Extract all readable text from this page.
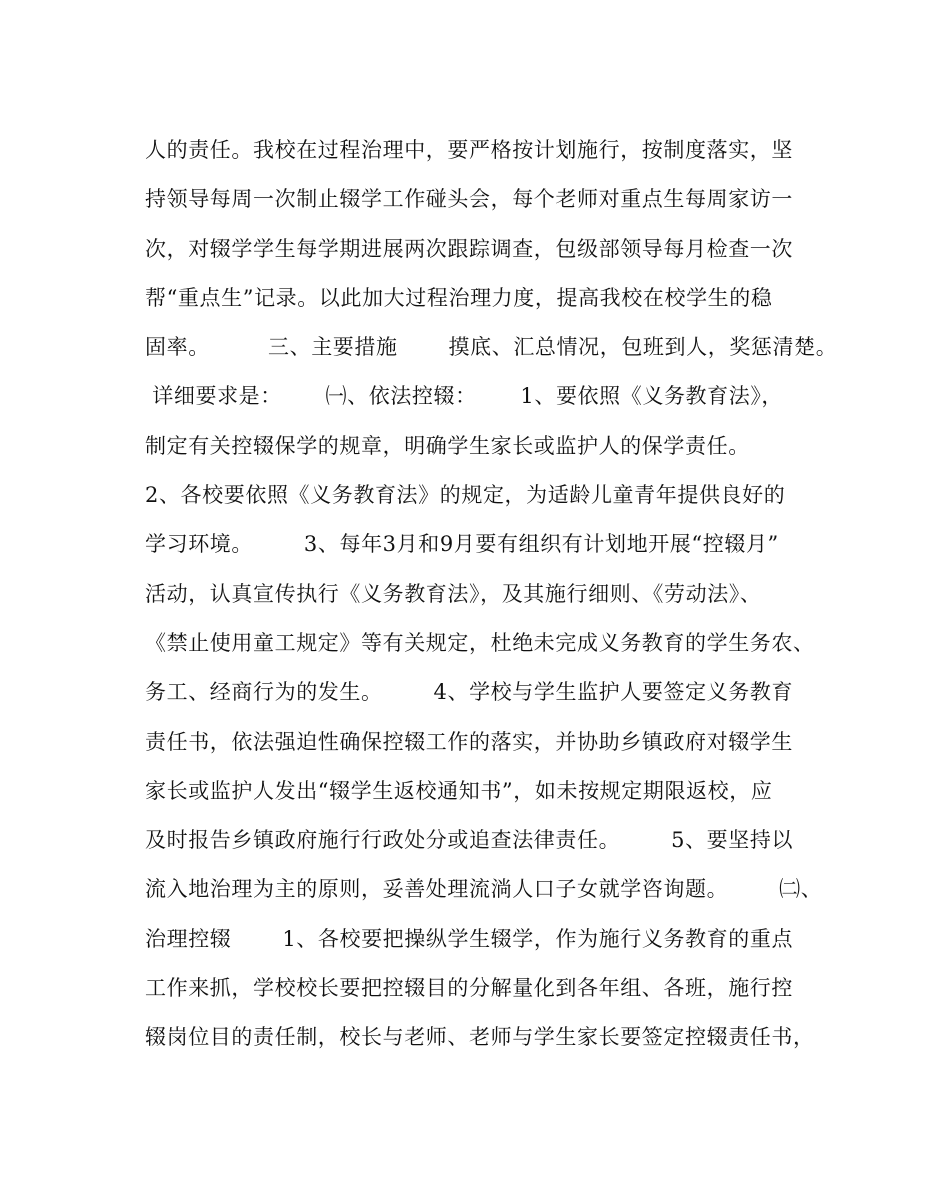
人的责任。我校在过程治理中，要严格按计划施行，按制度落实，坚
持领导每周一次制止辍学工作碰头会，每个老师对重点生每周家访一
次，对辍学学生每学期进展两次跟踪调查，包级部领导每月检查一次
帮“重点生”记录。以此加大过程治理力度，提高我校在校学生的稳
固率。        三、主要措施       摸底、汇总情况，包班到人，奖惩清楚。
详细要求是：      ㈠、依法控辍：      1、要依照《义务教育法》，
制定有关控辍保学的规章，明确学生家长或监护人的保学责任。
2、各校要依照《义务教育法》的规定，为适龄儿童青年提供良好的
学习环境。       3、每年3月和9月要有组织有计划地开展“控辍月”
活动，认真宣传执行《义务教育法》，及其施行细则、《劳动法》、
《禁止使用童工规定》等有关规定，杜绝未完成义务教育的学生务农、
务工、经商行为的发生。       4、学校与学生监护人要签定义务教育
责任书，依法强迫性确保控辍工作的落实，并协助乡镇政府对辍学生
家长或监护人发出“辍学生返校通知书”，如未按规定期限返校，应
及时报告乡镇政府施行行政处分或追查法律责任。       5、要坚持以
流入地治理为主的原则，妥善处理流淌人口子女就学咨询题。       ㈡、
治理控辍       1、各校要把操纵学生辍学，作为施行义务教育的重点
工作来抓，学校校长要把控辍目的分解量化到各年组、各班，施行控
辍岗位目的责任制，校长与老师、老师与学生家长要签定控辍责任书，
